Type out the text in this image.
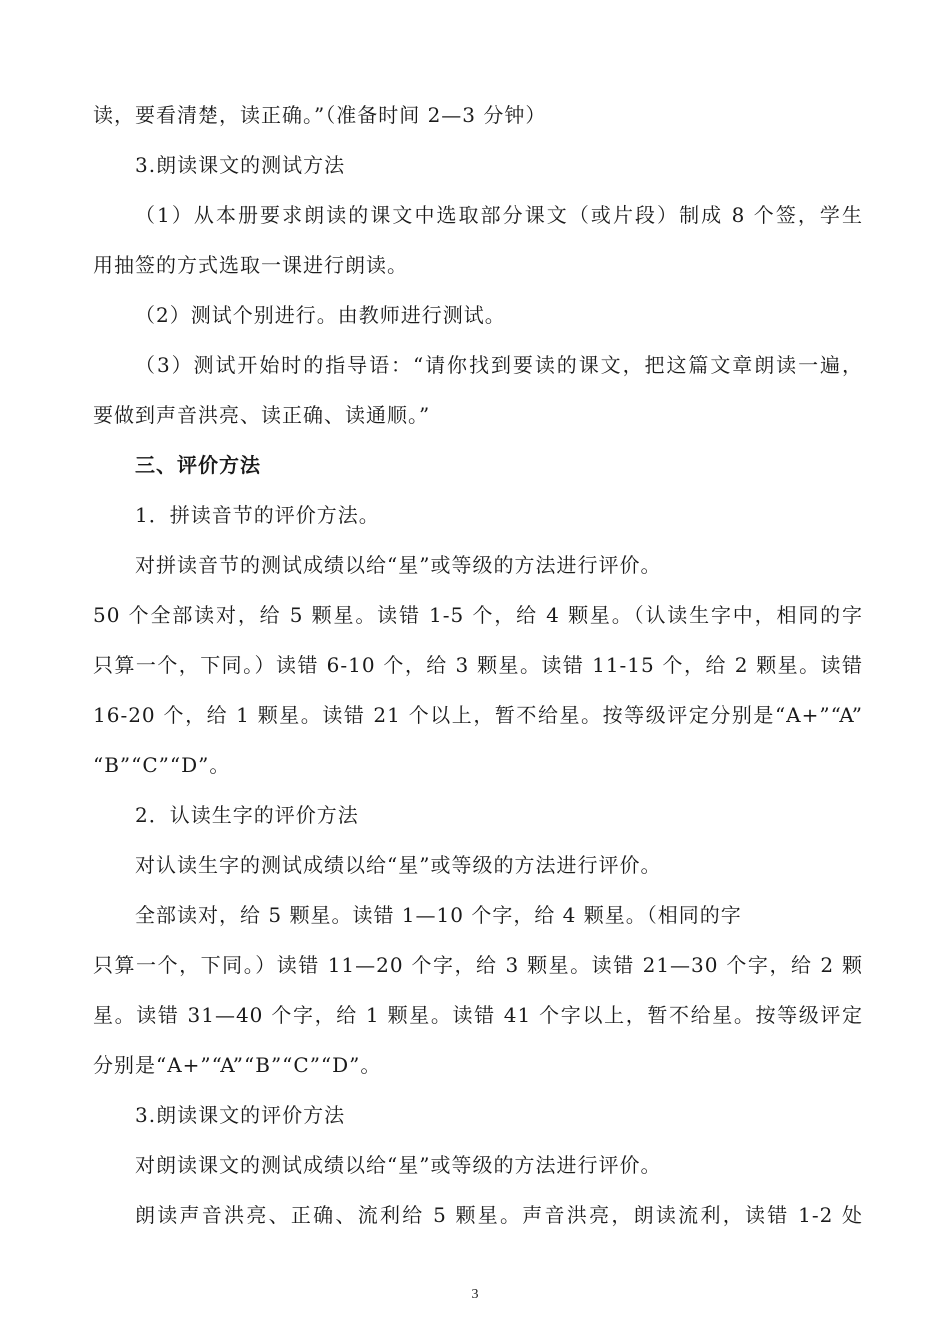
读，要看清楚，读正确。”（准备时间 2—3 分钟）
3.朗读课文的测试方法
（1）从本册要求朗读的课文中选取部分课文（或片段）制成 8 个签，学生
用抽签的方式选取一课进行朗读。
（2）测试个别进行。由教师进行测试。
（3）测试开始时的指导语：“请你找到要读的课文，把这篇文章朗读一遍，
要做到声音洪亮、读正确、读通顺。”
三、评价方法
1．拼读音节的评价方法。
对拼读音节的测试成绩以给“星”或等级的方法进行评价。
50 个全部读对，给 5 颗星。读错 1-5 个，给 4 颗星。（认读生字中，相同的字
只算一个，下同。）读错 6-10 个，给 3 颗星。读错 11-15 个，给 2 颗星。读错
16-20 个，给 1 颗星。读错 21 个以上，暂不给星。按等级评定分别是“A+”“A”
“B”“C”“D”。
2．认读生字的评价方法
对认读生字的测试成绩以给“星”或等级的方法进行评价。
全部读对，给 5 颗星。读错 1—10 个字，给 4 颗星。（相同的字
只算一个，下同。）读错 11—20 个字，给 3 颗星。读错 21—30 个字，给 2 颗
星。读错 31—40 个字，给 1 颗星。读错 41 个字以上，暂不给星。按等级评定
分别是“A+”“A”“B”“C”“D”。
3.朗读课文的评价方法
对朗读课文的测试成绩以给“星”或等级的方法进行评价。
朗读声音洪亮、正确、流利给 5 颗星。声音洪亮，朗读流利，读错 1-2 处
3
